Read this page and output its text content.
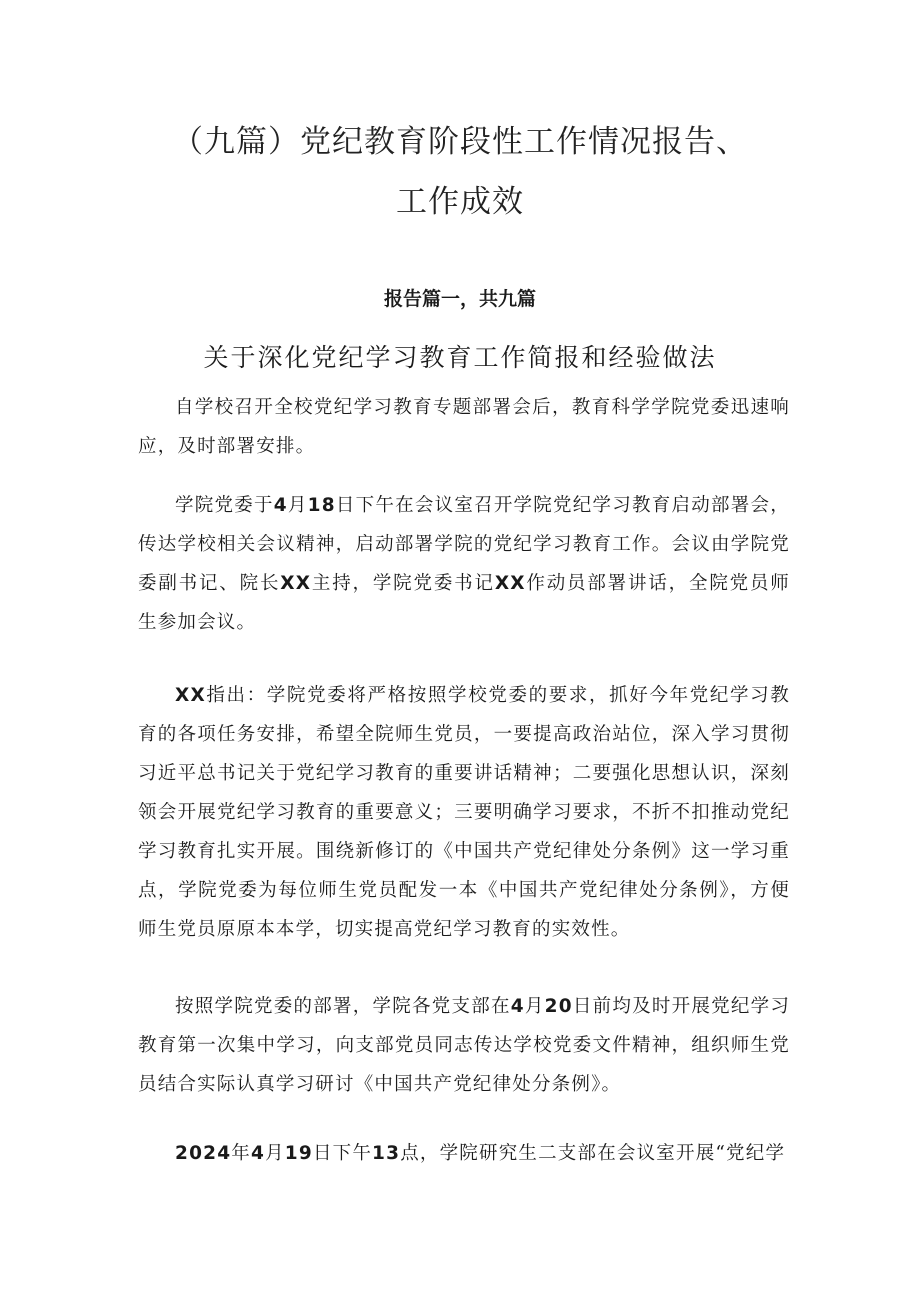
（九篇）党纪教育阶段性工作情况报告、
工作成效
报告篇一，共九篇
关于深化党纪学习教育工作简报和经验做法

自学校召开全校党纪学习教育专题部署会后，教育科学学院党委迅速响应，及时部署安排。

学院党委于4月18日下午在会议室召开学院党纪学习教育启动部署会，传达学校相关会议精神，启动部署学院的党纪学习教育工作。会议由学院党委副书记、院长XX主持，学院党委书记XX作动员部署讲话，全院党员师生参加会议。

XX指出：学院党委将严格按照学校党委的要求，抓好今年党纪学习教育的各项任务安排，希望全院师生党员，一要提高政治站位，深入学习贯彻习近平总书记关于党纪学习教育的重要讲话精神；二要强化思想认识，深刻领会开展党纪学习教育的重要意义；三要明确学习要求，不折不扣推动党纪学习教育扎实开展。围绕新修订的《中国共产党纪律处分条例》这一学习重点，学院党委为每位师生党员配发一本《中国共产党纪律处分条例》，方便师生党员原原本本学，切实提高党纪学习教育的实效性。

按照学院党委的部署，学院各党支部在4月20日前均及时开展党纪学习教育第一次集中学习，向支部党员同志传达学校党委文件精神，组织师生党员结合实际认真学习研讨《中国共产党纪律处分条例》。

2024年4月19日下午13点，学院研究生二支部在会议室开展“党纪学
